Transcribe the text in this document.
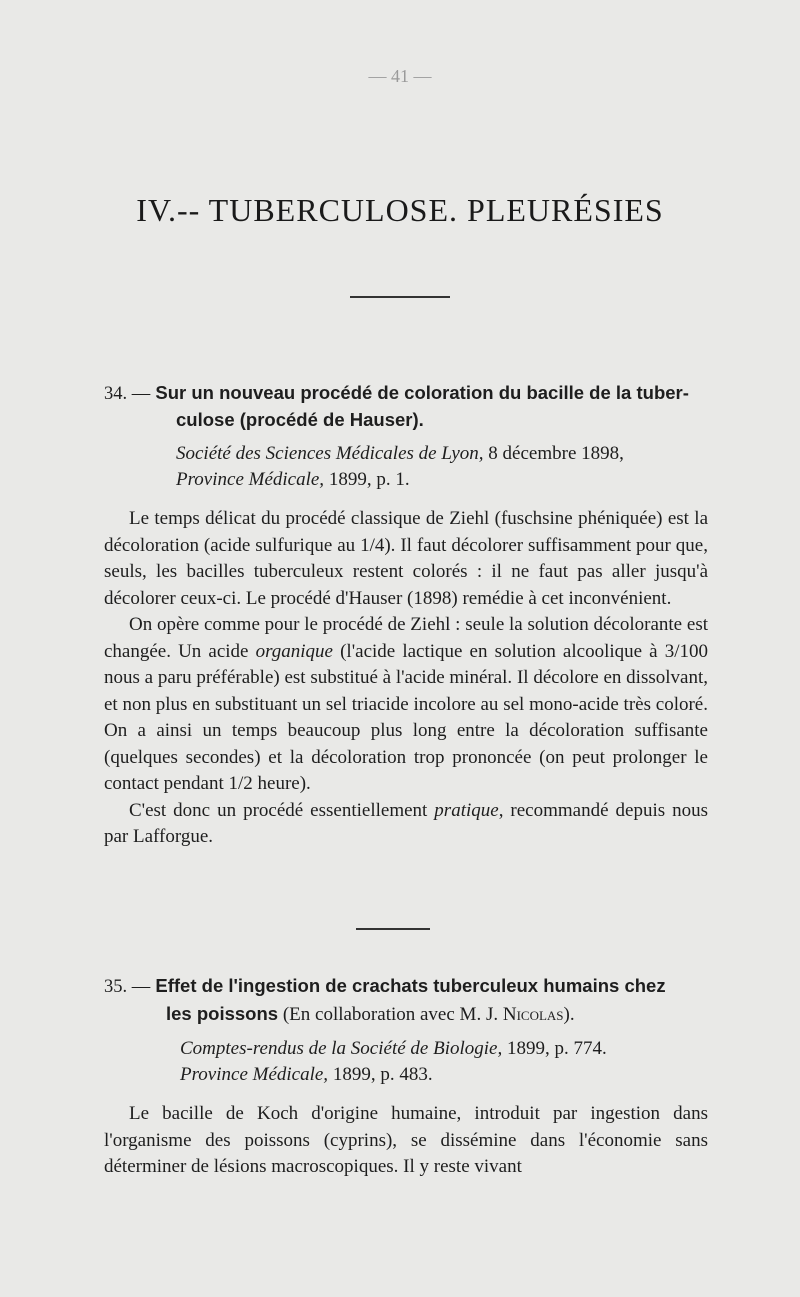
— 41 —
IV.-- TUBERCULOSE. PLEURÉSIES
34. — Sur un nouveau procédé de coloration du bacille de la tuber-
culose (procédé de Hauser).
Société des Sciences Médicales de Lyon, 8 décembre 1898,
Province Médicale, 1899, p. 1.

Le temps délicat du procédé classique de Ziehl (fuschsine phéniquée) est la décoloration (acide sulfurique au 1/4). Il faut décolorer suffisamment pour que, seuls, les bacilles tuberculeux restent colorés : il ne faut pas aller jusqu'à décolorer ceux-ci. Le procédé d'Hauser (1898) remédie à cet inconvénient.

On opère comme pour le procédé de Ziehl : seule la solution décolorante est changée. Un acide organique (l'acide lactique en solution alcoolique à 3/100 nous a paru préférable) est substitué à l'acide minéral. Il décolore en dissolvant, et non plus en substituant un sel triacide incolore au sel mono-acide très coloré. On a ainsi un temps beaucoup plus long entre la décoloration suffisante (quelques secondes) et la décoloration trop prononcée (on peut prolonger le contact pendant 1/2 heure).

C'est donc un procédé essentiellement pratique, recommandé depuis nous par Lafforgue.

35. — Effet de l'ingestion de crachats tuberculeux humains chez
les poissons (En collaboration avec M. J. Nicolas).
Comptes-rendus de la Société de Biologie, 1899, p. 774.
Province Médicale, 1899, p. 483.

Le bacille de Koch d'origine humaine, introduit par ingestion dans l'organisme des poissons (cyprins), se dissémine dans l'économie sans déterminer de lésions macroscopiques. Il y reste vivant
